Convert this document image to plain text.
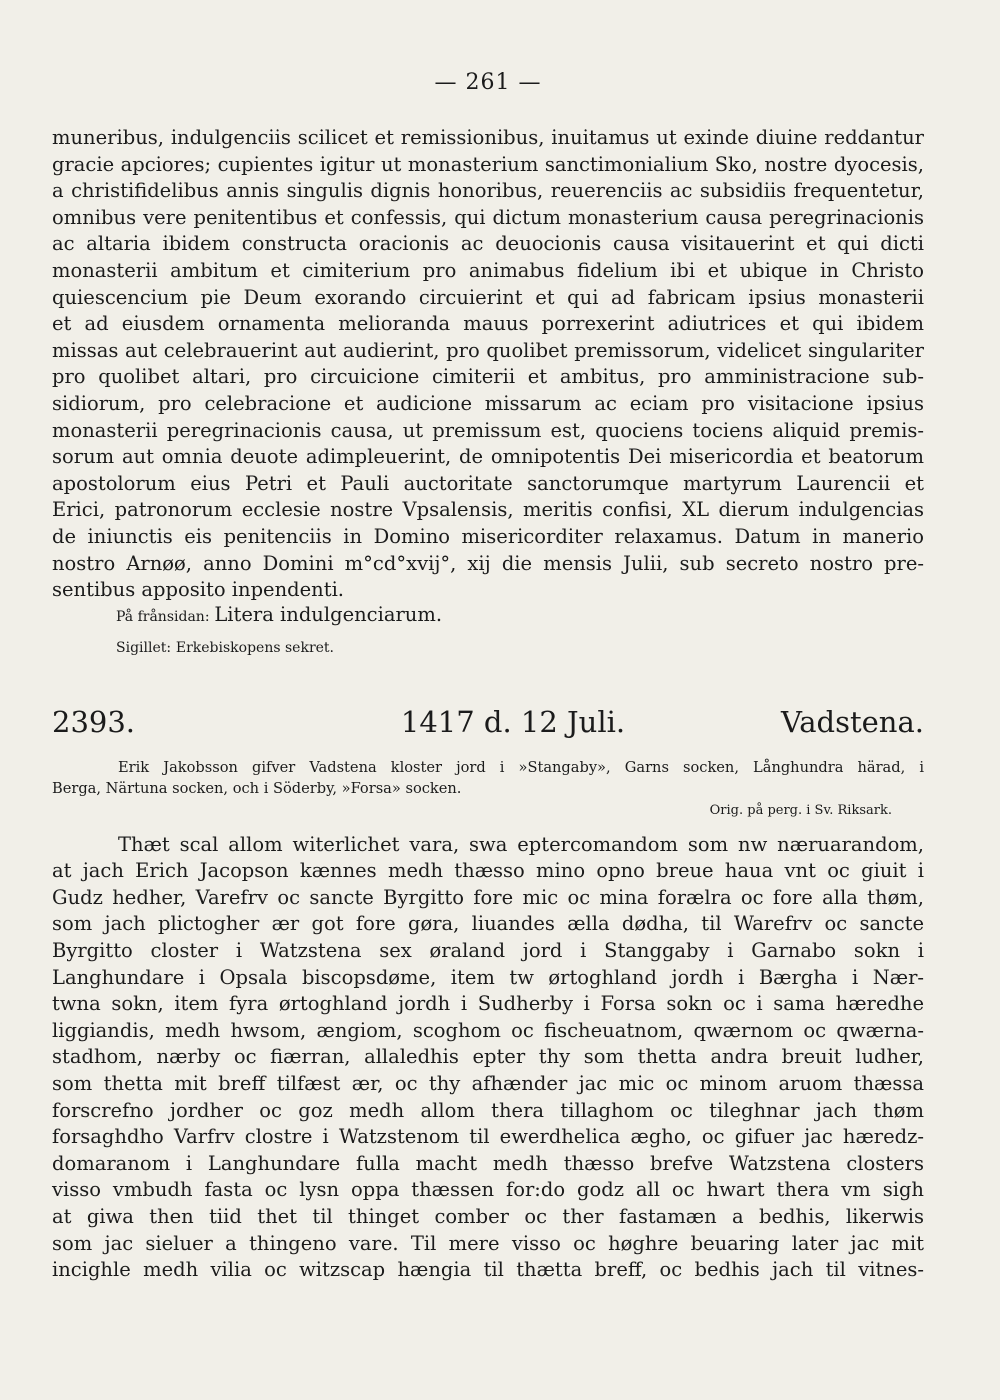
— 261 —
muneribus, indulgenciis scilicet et remissionibus, inuitamus ut exinde diuine reddantur
gracie apciores; cupientes igitur ut monasterium sanctimonialium Sko, nostre dyocesis,
a christifidelibus annis singulis dignis honoribus, reuerenciis ac subsidiis frequentetur,
omnibus vere penitentibus et confessis, qui dictum monasterium causa peregrinacionis
ac altaria ibidem constructa oracionis ac deuocionis causa visitauerint et qui dicti
monasterii ambitum et cimiterium pro animabus fidelium ibi et ubique in Christo
quiescencium pie Deum exorando circuierint et qui ad fabricam ipsius monasterii
et ad eiusdem ornamenta melioranda mauus porrexerint adiutrices et qui ibidem
missas aut celebrauerint aut audierint, pro quolibet premissorum, videlicet singulariter
pro quolibet altari, pro circuicione cimiterii et ambitus, pro amministracione sub-
sidiorum, pro celebracione et audicione missarum ac eciam pro visitacione ipsius
monasterii peregrinacionis causa, ut premissum est, quociens tociens aliquid premis-
sorum aut omnia deuote adimpleuerint, de omnipotentis Dei misericordia et beatorum
apostolorum eius Petri et Pauli auctoritate sanctorumque martyrum Laurencii et
Erici, patronorum ecclesie nostre Vpsalensis, meritis confisi, XL dierum indulgencias
de iniunctis eis penitenciis in Domino misericorditer relaxamus. Datum in manerio
nostro Arnøø, anno Domini m°cd°xvij°, xij die mensis Julii, sub secreto nostro pre-
sentibus apposito inpendenti.
På frånsidan: Litera indulgenciarum.
Sigillet: Erkebiskopens sekret.
2393.	1417 d. 12 Juli.	Vadstena.
Erik Jakobsson gifver Vadstena kloster jord i »Stangaby», Garns socken, Långhundra härad, i
Berga, Närtuna socken, och i Söderby, »Forsa» socken.
Orig. på perg. i Sv. Riksark.
Thæt scal allom witerlichet vara, swa eptercomandom som nw næruarandom,
at jach Erich Jacopson kænnes medh thæsso mino opno breue haua vnt oc giuit i
Gudz hedher, Varefrv oc sancte Byrgitto fore mic oc mina forælra oc fore alla thøm,
som jach plictogher ær got fore gøra, liuandes ælla dødha, til Warefrv oc sancte
Byrgitto closter i Watzstena sex øraland jord i Stanggaby i Garnabo sokn i
Langhundare i Opsala biscopsdøme, item tw ørtoghland jordh i Bærgha i Nær-
twna sokn, item fyra ørtoghland jordh i Sudherby i Forsa sokn oc i sama hæredhe
liggiandis, medh hwsom, ængiom, scoghom oc fischeuatnom, qwærnom oc qwærna-
stadhom, nærby oc fiærran, allaledhis epter thy som thetta andra breuit ludher,
som thetta mit breff tilfæst ær, oc thy afhænder jac mic oc minom aruom thæssa
forscrefno jordher oc goz medh allom thera tillaghom oc tileghnar jach thøm
forsaghdho Varfrv clostre i Watzstenom til ewerdhelica ægho, oc gifuer jac hæredz-
domaranom i Langhundare fulla macht medh thæsso brefve Watzstena closters
visso vmbudh fasta oc lysn oppa thæssen for:do godz all oc hwart thera vm sigh
at giwa then tiid thet til thinget comber oc ther fastamæn a bedhis, likerwis
som jac sieluer a thingeno vare. Til mere visso oc høghre beuaring later jac mit
incighle medh vilia oc witzscap hængia til thætta breff, oc bedhis jach til vitnes-
